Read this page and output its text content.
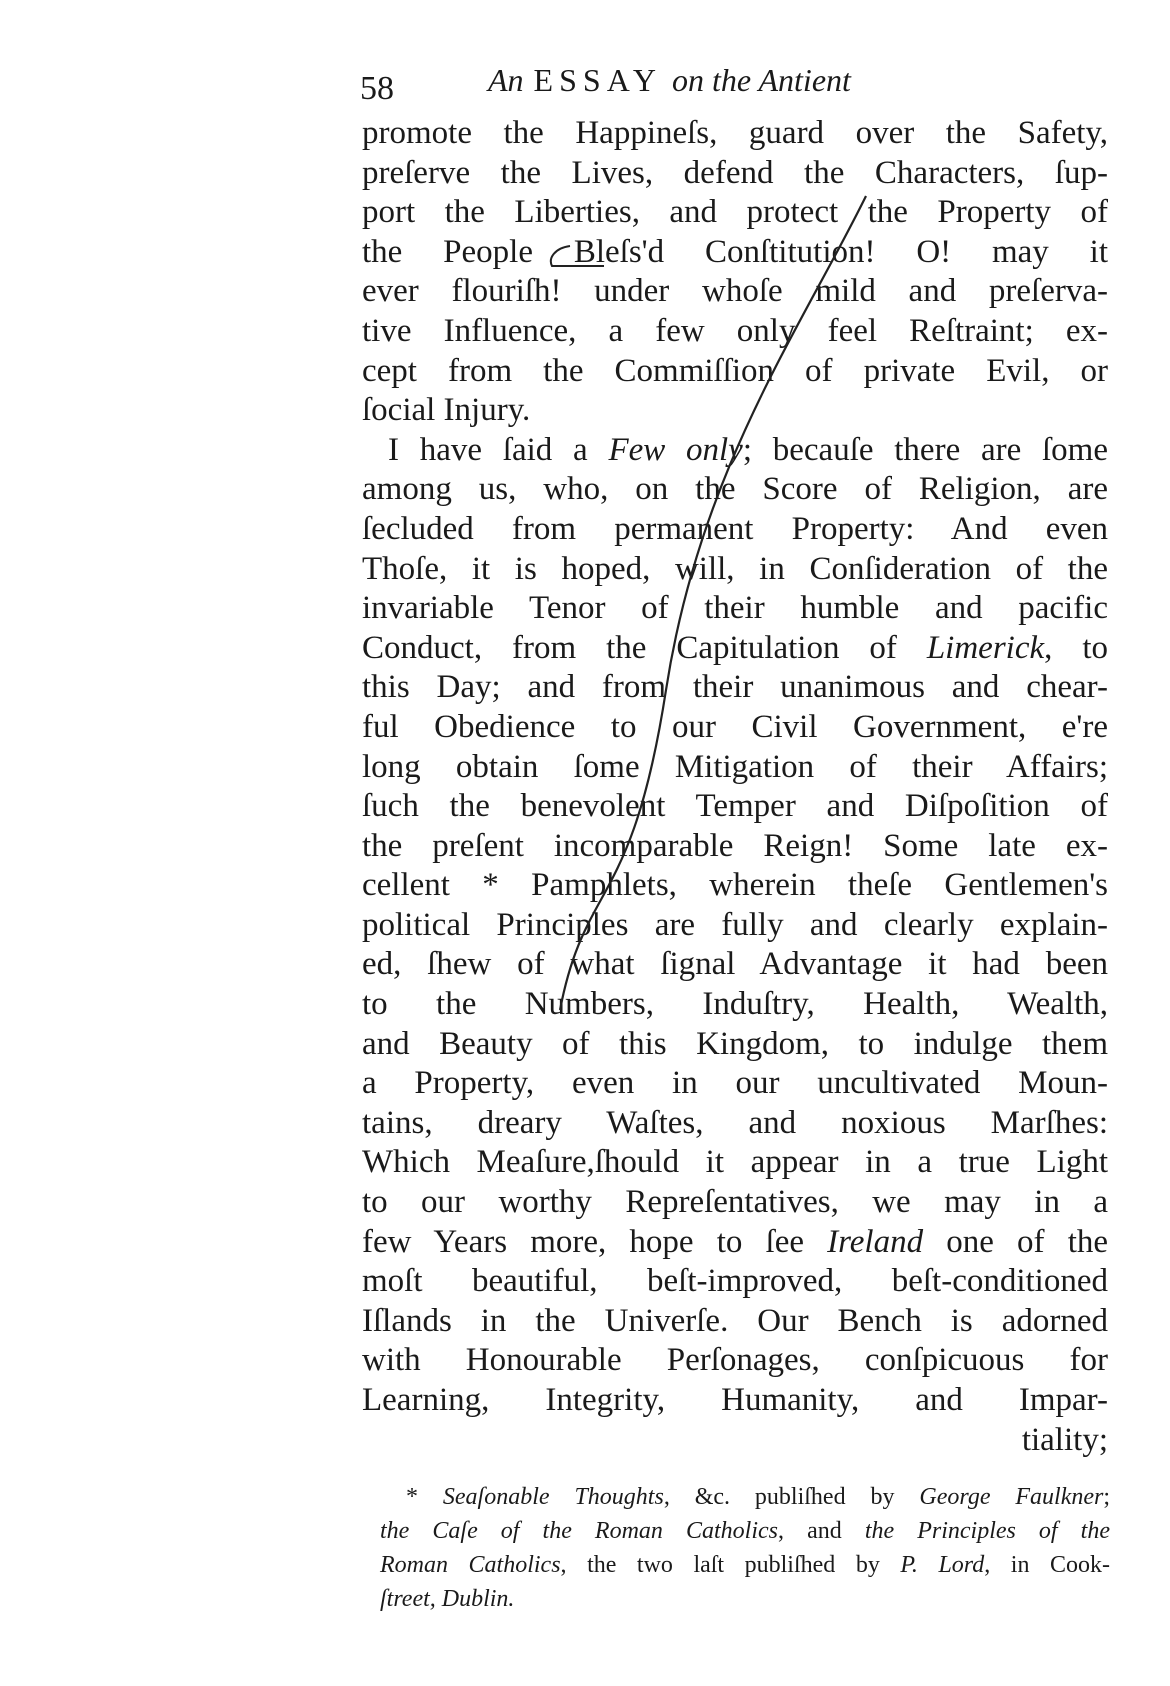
58	An ESSAY on the Antient
promote the Happineſs, guard over the Safety,
preſerve the Lives, defend the Characters, ſup-
port the Liberties, and protect the Property of
the People Bleſs'd Conſtitution! O! may it
ever flouriſh! under whoſe mild and preſerva-
tive Influence, a few only feel Reſtraint; ex-
cept from the Commiſſion of private Evil, or
ſocial Injury.
I have ſaid a Few only; becauſe there are ſome
among us, who, on the Score of Religion, are
ſecluded from permanent Property: And even
Thoſe, it is hoped, will, in Conſideration of the
invariable Tenor of their humble and pacific
Conduct, from the Capitulation of Limerick, to
this Day; and from their unanimous and chear-
ful Obedience to our Civil Government, e're
long obtain ſome Mitigation of their Affairs;
ſuch the benevolent Temper and Diſpoſition of
the preſent incomparable Reign! Some late ex-
cellent * Pamphlets, wherein theſe Gentlemen's
political Principles are fully and clearly explain-
ed, ſhew of what ſignal Advantage it had been
to the Numbers, Induſtry, Health, Wealth,
and Beauty of this Kingdom, to indulge them
a Property, even in our uncultivated Moun-
tains, dreary Waſtes, and noxious Marſhes:
Which Meaſure,ſhould it appear in a true Light
to our worthy Repreſentatives, we may in a
few Years more, hope to ſee Ireland one of the
moſt beautiful, beſt-improved, beſt-conditioned
Iſlands in the Univerſe. Our Bench is adorned
with Honourable Perſonages, conſpicuous for
Learning, Integrity, Humanity, and Impar-
tiality;
* Seaſonable Thoughts, &c. publiſhed by George Faulkner;
the Caſe of the Roman Catholics, and the Principles of the
Roman Catholics, the two laſt publiſhed by P. Lord, in Cook-
ſtreet, Dublin.
